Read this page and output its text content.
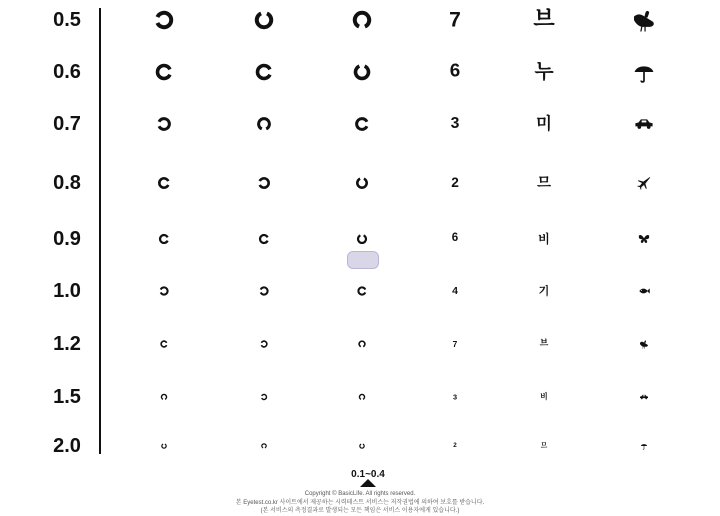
0.5	7	브
0.6	6	누
0.7	3	미
0.8	2	므
0.9	6	비
1.0	4	기
1.2	7	브
1.5	3	비
2.0	2	므
0.1~0.4
Copyright © BasicLife. All rights reserved.
본 Eyetest.co.kr 사이트에서 제공하는 시력테스트 서비스는 저작권법에 의하여 보호를 받습니다.
(본 서비스의 측정결과로 발생되는 모든 책임은 서비스 이용자에게 있습니다.)
